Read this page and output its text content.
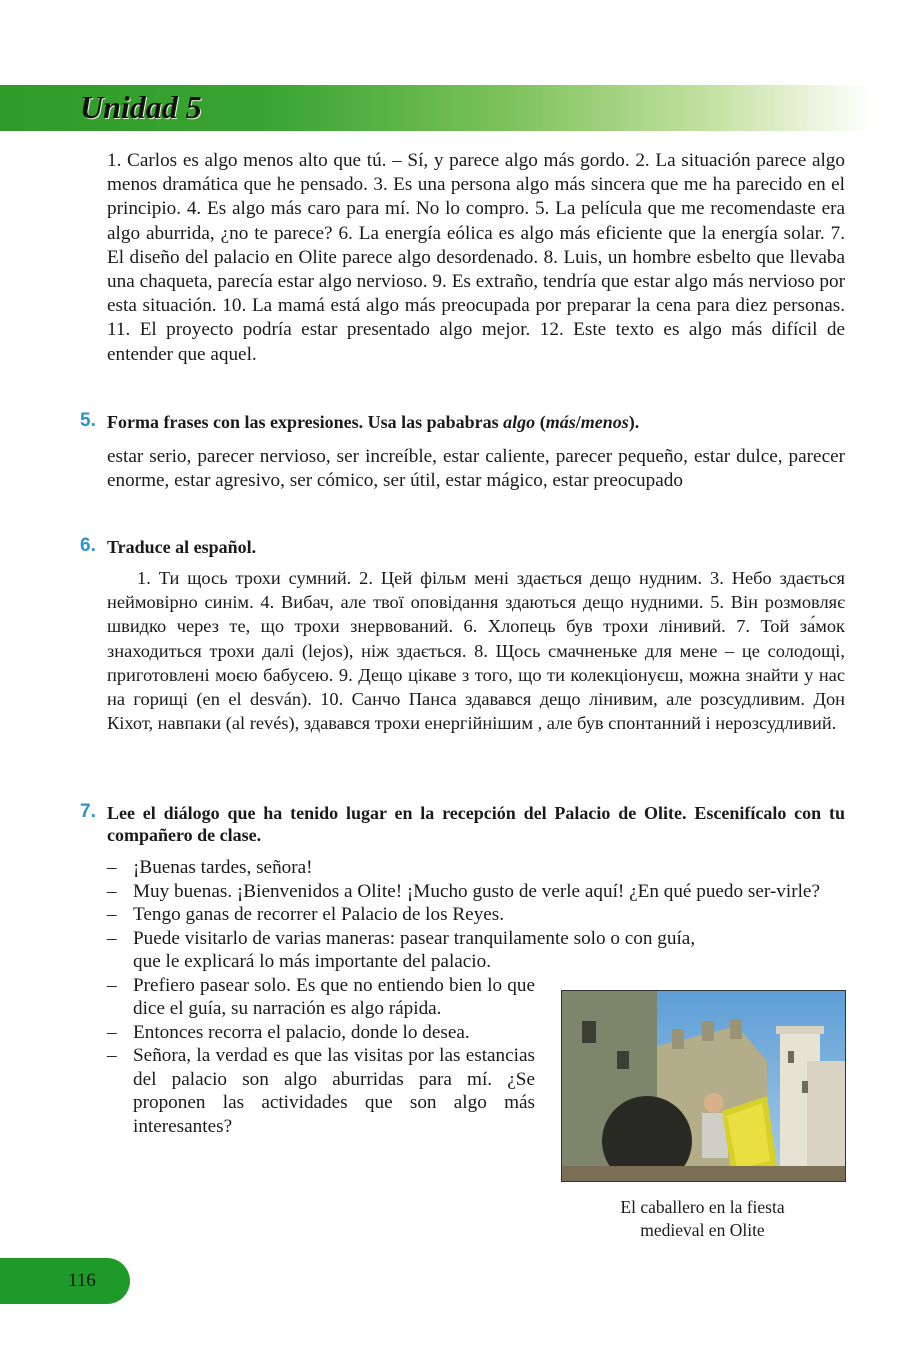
Unidad 5

1. Carlos es algo menos alto que tú. – Sí, y parece algo más gordo. 2. La situación parece algo menos dramática que he pensado. 3. Es una persona algo más sincera que me ha parecido en el principio. 4. Es algo más caro para mí. No lo compro. 5. La película que me recomendaste era algo aburrida, ¿no te parece? 6. La energía eólica es algo más eficiente que la energía solar. 7. El diseño del palacio en Olite parece algo desordenado. 8. Luis, un hombre esbelto que llevaba una chaqueta, parecía estar algo nervioso. 9. Es extraño, tendría que estar algo más nervioso por esta situación. 10. La mamá está algo más preocupada por preparar la cena para diez personas. 11. El proyecto podría estar presentado algo mejor. 12. Este texto es algo más difícil de entender que aquel.

5. Forma frases con las expresiones. Usa las pababras algo (más/menos).

estar serio, parecer nervioso, ser increíble, estar caliente, parecer pequeño, estar dulce, parecer enorme, estar agresivo, ser cómico, ser útil, estar mágico, estar preocupado

6. Traduce al español.

1. Ти щось трохи сумний. 2. Цей фільм мені здається дещо нудним. 3. Небо здається неймовірно синім. 4. Вибач, але твої оповідання здаються дещо нудними. 5. Він розмовляє швидко через те, що трохи знервований. 6. Хлопець був трохи лінивий. 7. Той за́мок знаходиться трохи далі (lejos), ніж здається. 8. Щось смачненьке для мене – це солодощі, приготовлені моєю бабусею. 9. Дещо цікаве з того, що ти колекціонуєш, можна знайти у нас на горищі (en el desván). 10. Санчо Панса здавався дещо лінивим, але розсудливим. Дон Кіхот, навпаки (al revés), здавався трохи енергійнішим , але був спонтанний і нерозсудливий.

7. Lee el diálogo que ha tenido lugar en la recepción del Palacio de Olite. Escenifícalo con tu compañero de clase.
– ¡Buenas tardes, señora!
– Muy buenas. ¡Bienvenidos a Olite! ¡Mucho gusto de verle aquí! ¿En qué puedo ser-virle?
– Tengo ganas de recorrer el Palacio de los Reyes.
– Puede visitarlo de varias maneras: pasear tranquilamente solo o con guía,
que le explicará lo más importante del palacio.
– Prefiero pasear solo. Es que no entiendo bien lo que dice el guía, su narración es algo rápida.
– Entonces recorra el palacio, donde lo desea.
– Señora, la verdad es que las visitas por las estancias del palacio son algo aburridas para mí. ¿Se proponen las actividades que son algo más interesantes?
El caballero en la fiesta
medieval en Olite
116
